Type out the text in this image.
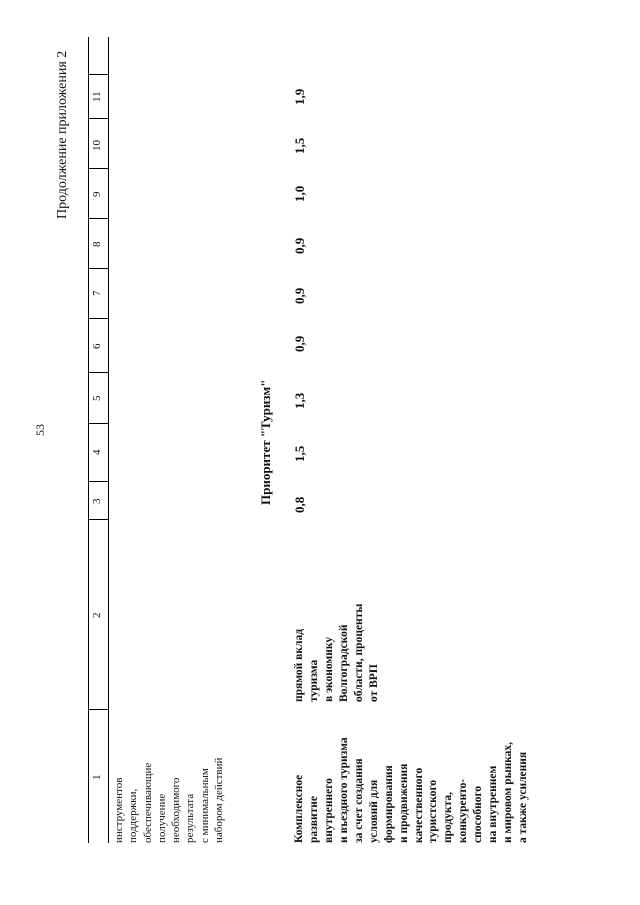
53
Продолжение приложения 2
1
2
3
4
5
6
7
8
9
10
11
инструментов поддержки, обеспечивающие получение необходимого результата с минимальным набором действий
Приоритет "Туризм"
Комплексное развитие внутреннего и въездного туризма за счет создания условий для формирования и продвижения качественного туристского продукта, конкуренто- способного на внутреннем и мировом рынках, а также усиления
прямой вклад туризма в экономику Волгоградской области, проценты от ВРП
0,8
1,5
1,3
0,9
0,9
0,9
1,0
1,5
1,9
